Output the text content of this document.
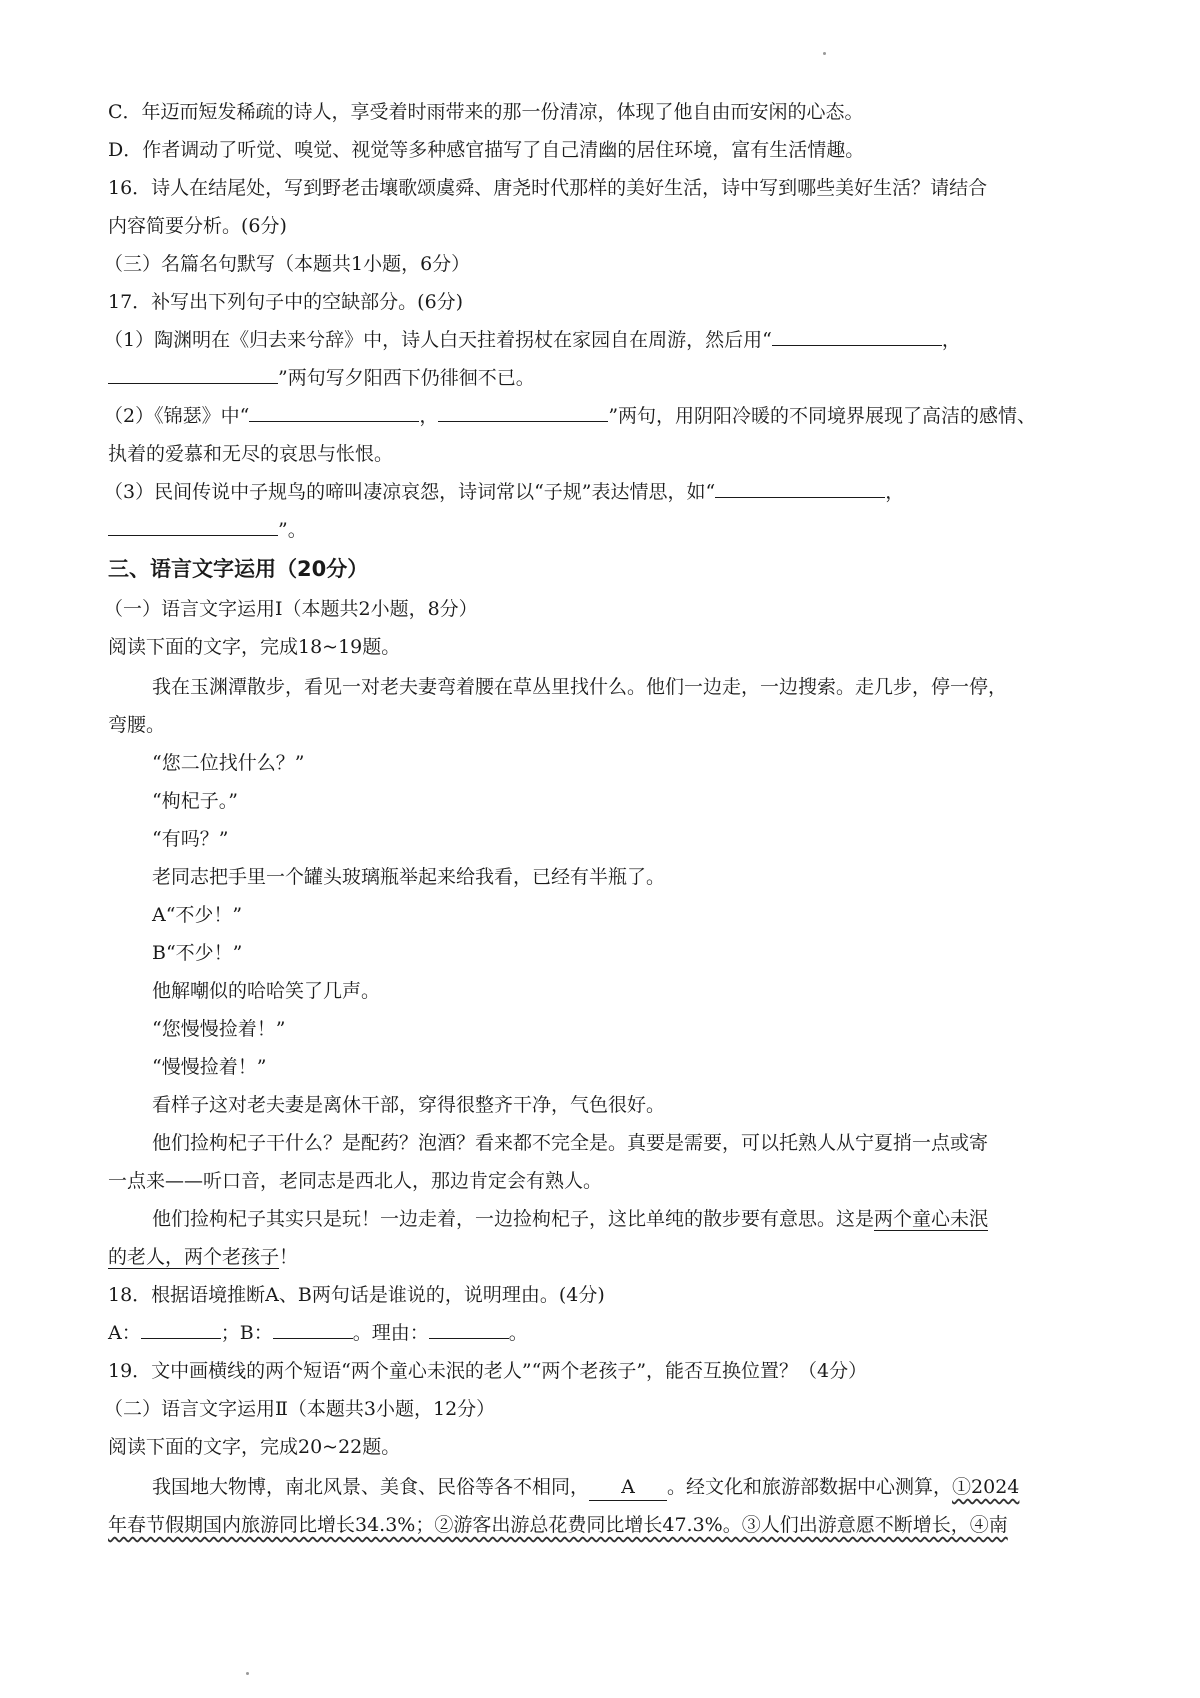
C．年迈而短发稀疏的诗人，享受着时雨带来的那一份清凉，体现了他自由而安闲的心态。
D．作者调动了听觉、嗅觉、视觉等多种感官描写了自己清幽的居住环境，富有生活情趣。
16．诗人在结尾处，写到野老击壤歌颂虞舜、唐尧时代那样的美好生活，诗中写到哪些美好生活？请结合
内容简要分析。(6分)
（三）名篇名句默写（本题共1小题，6分）
17．补写出下列句子中的空缺部分。(6分)
（1）陶渊明在《归去来兮辞》中，诗人白天拄着拐杖在家园自在周游，然后用“	，
”两句写夕阳西下仍徘徊不已。
（2）《锦瑟》中“	，	”两句，用阴阳冷暖的不同境界展现了高洁的感情、
执着的爱慕和无尽的哀思与怅恨。
（3）民间传说中子规鸟的啼叫凄凉哀怨，诗词常以“子规”表达情思，如“	，
”。
三、语言文字运用（20分）
（一）语言文字运用Ⅰ（本题共2小题，8分）
阅读下面的文字，完成18~19题。
我在玉渊潭散步，看见一对老夫妻弯着腰在草丛里找什么。他们一边走，一边搜索。走几步，停一停，
弯腰。
“您二位找什么？”
“枸杞子。”
“有吗？”
老同志把手里一个罐头玻璃瓶举起来给我看，已经有半瓶了。
A“不少！”
B“不少！”
他解嘲似的哈哈笑了几声。
“您慢慢捡着！”
“慢慢捡着！”
看样子这对老夫妻是离休干部，穿得很整齐干净，气色很好。
他们捡枸杞子干什么？是配药？泡酒？看来都不完全是。真要是需要，可以托熟人从宁夏捎一点或寄
一点来——听口音，老同志是西北人，那边肯定会有熟人。
他们捡枸杞子其实只是玩！一边走着，一边捡枸杞子，这比单纯的散步要有意思。这是两个童心未泯
的老人，两个老孩子！
18．根据语境推断A、B两句话是谁说的，说明理由。(4分)
A：	；B：	。理由：	。
19．文中画横线的两个短语“两个童心未泯的老人”“两个老孩子”，能否互换位置？（4分）
（二）语言文字运用Ⅱ（本题共3小题，12分）
阅读下面的文字，完成20~22题。
我国地大物博，南北风景、美食、民俗等各不相同， A 。经文化和旅游部数据中心测算，①2024
年春节假期国内旅游同比增长34.3%；②游客出游总花费同比增长47.3%。③人们出游意愿不断增长，④南
